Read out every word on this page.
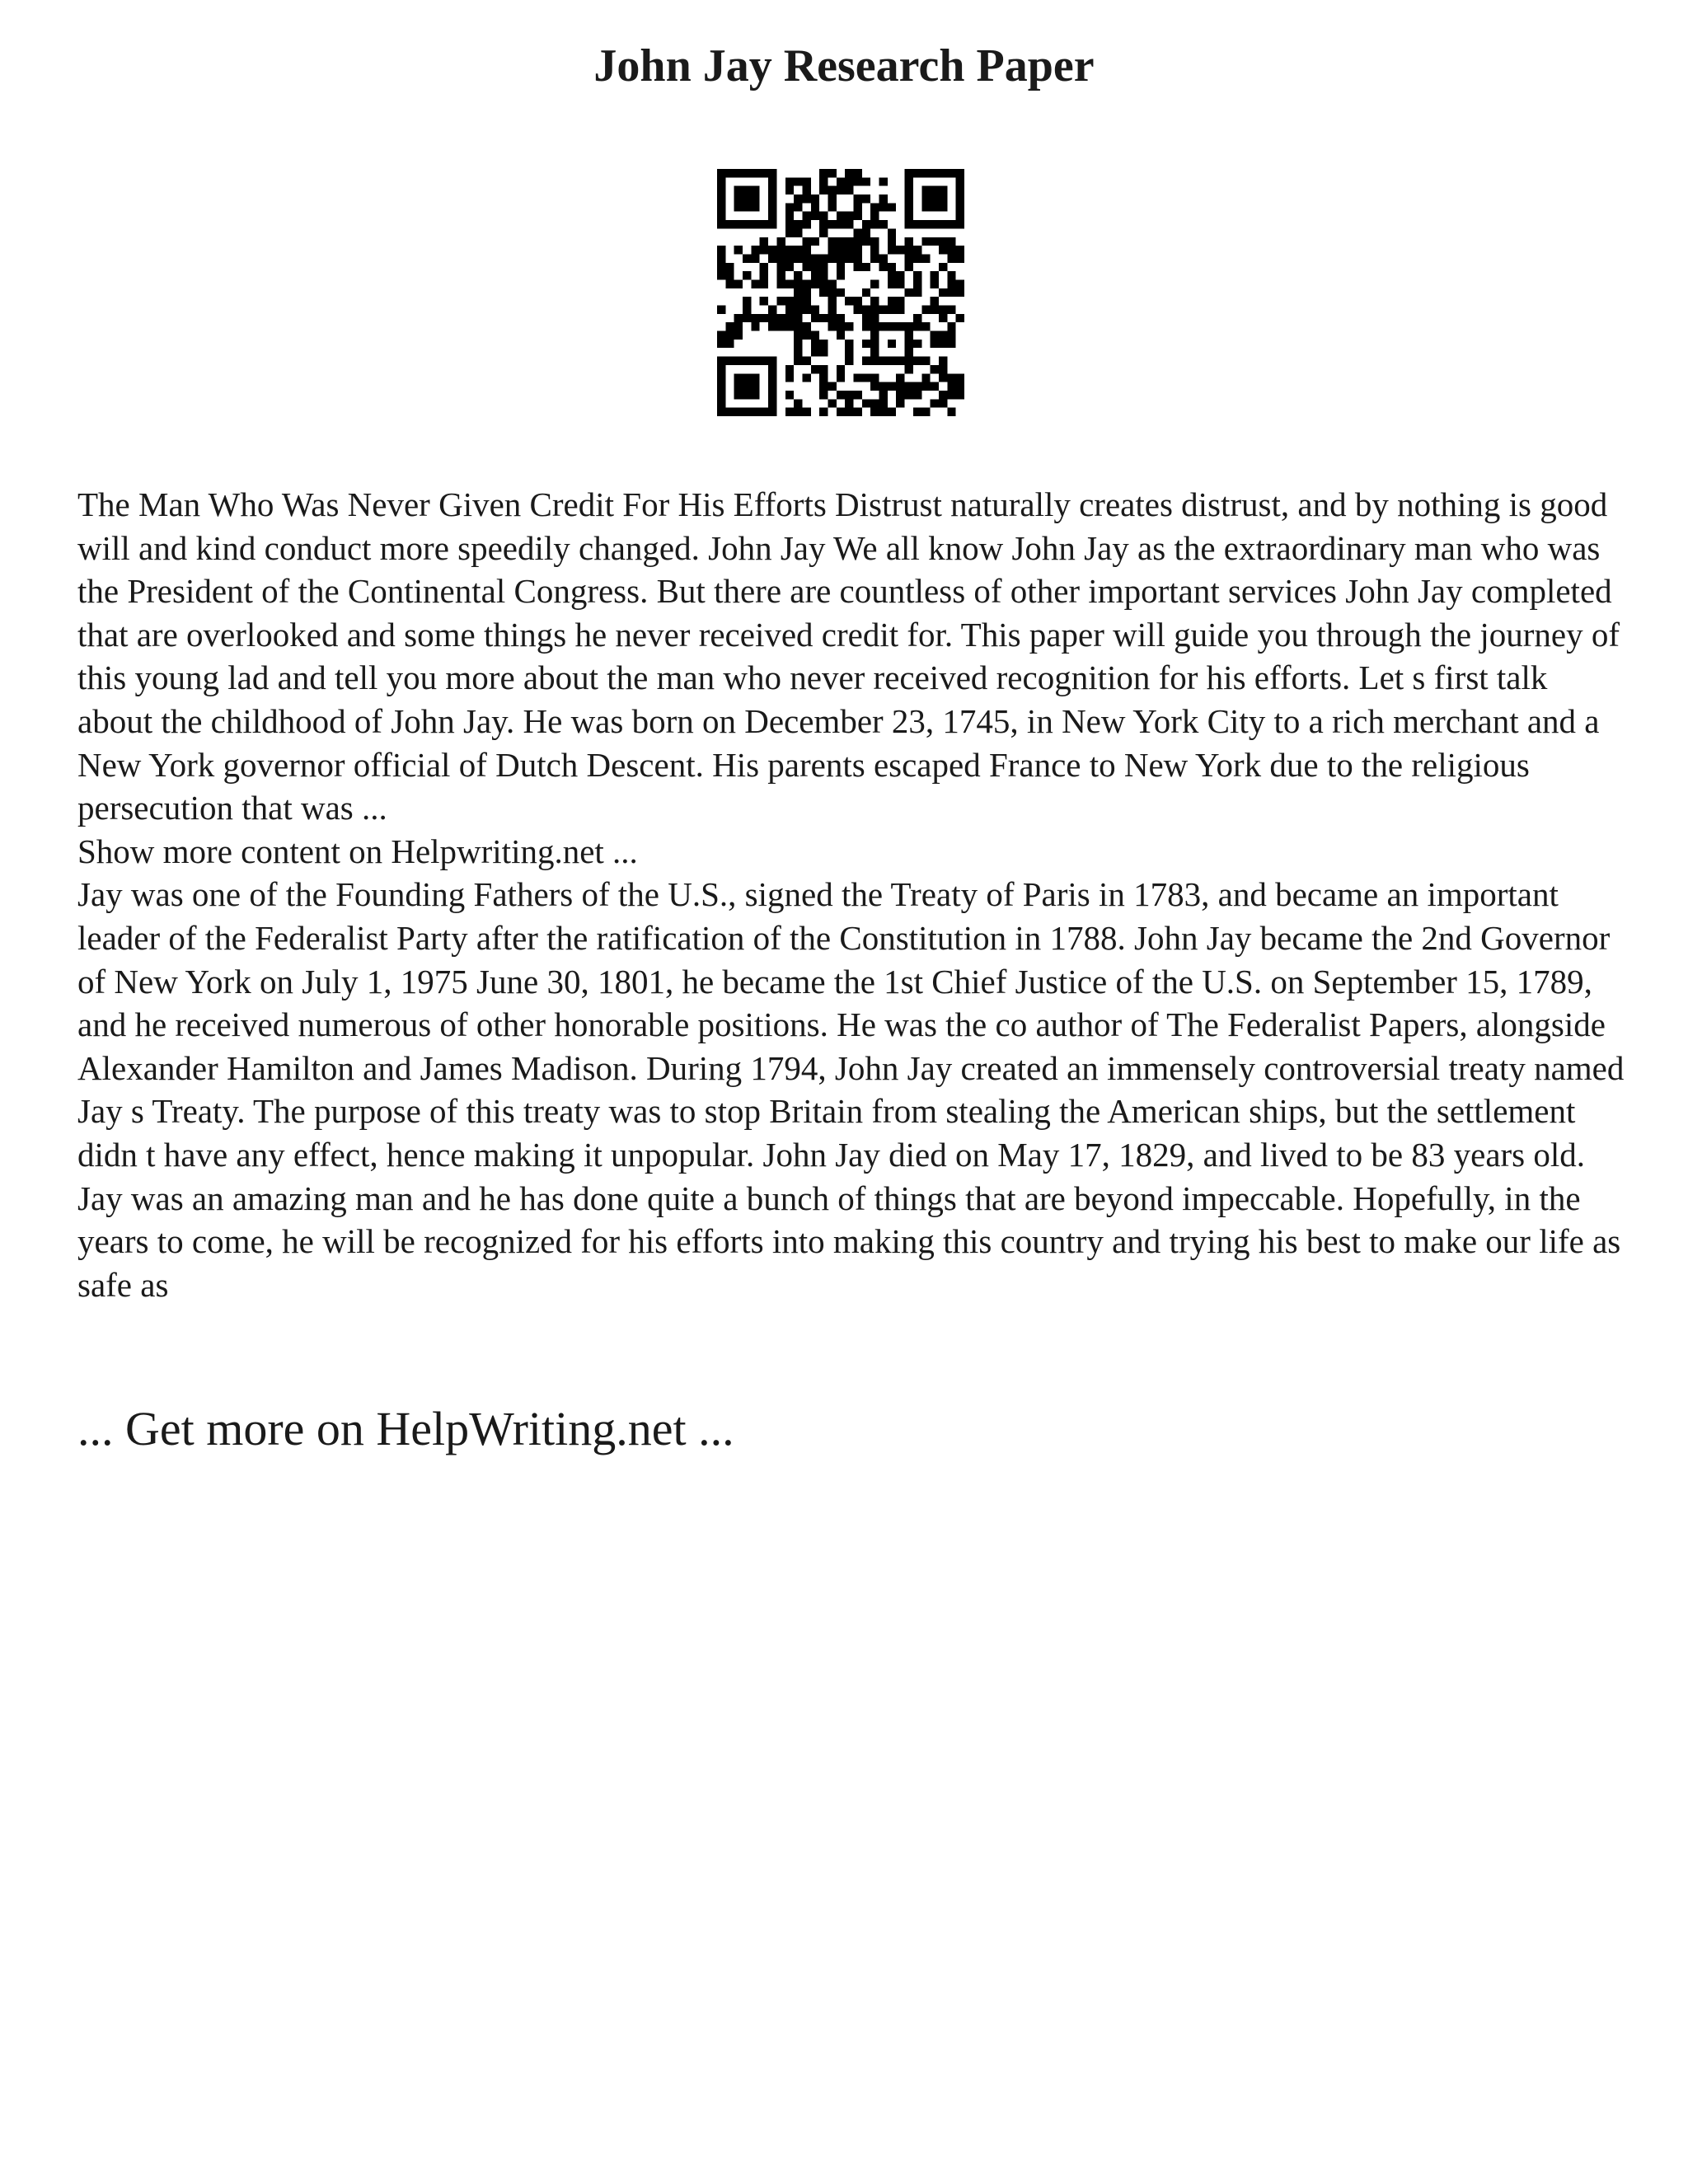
John Jay Research Paper

The Man Who Was Never Given Credit For His Efforts Distrust naturally creates distrust, and by nothing is good will and kind conduct more speedily changed. John Jay We all know John Jay as the extraordinary man who was the President of the Continental Congress. But there are countless of other important services John Jay completed that are overlooked and some things he never received credit for. This paper will guide you through the journey of this young lad and tell you more about the man who never received recognition for his efforts. Let s first talk about the childhood of John Jay. He was born on December 23, 1745, in New York City to a rich merchant and a New York governor official of Dutch Descent. His parents escaped France to New York due to the religious persecution that was ...

Show more content on Helpwriting.net ...

Jay was one of the Founding Fathers of the U.S., signed the Treaty of Paris in 1783, and became an important leader of the Federalist Party after the ratification of the Constitution in 1788. John Jay became the 2nd Governor of New York on July 1, 1975 June 30, 1801, he became the 1st Chief Justice of the U.S. on September 15, 1789, and he received numerous of other honorable positions. He was the co author of The Federalist Papers, alongside Alexander Hamilton and James Madison. During 1794, John Jay created an immensely controversial treaty named Jay s Treaty. The purpose of this treaty was to stop Britain from stealing the American ships, but the settlement didn t have any effect, hence making it unpopular. John Jay died on May 17, 1829, and lived to be 83 years old. Jay was an amazing man and he has done quite a bunch of things that are beyond impeccable. Hopefully, in the years to come, he will be recognized for his efforts into making this country and trying his best to make our life as safe as

... Get more on HelpWriting.net ...
